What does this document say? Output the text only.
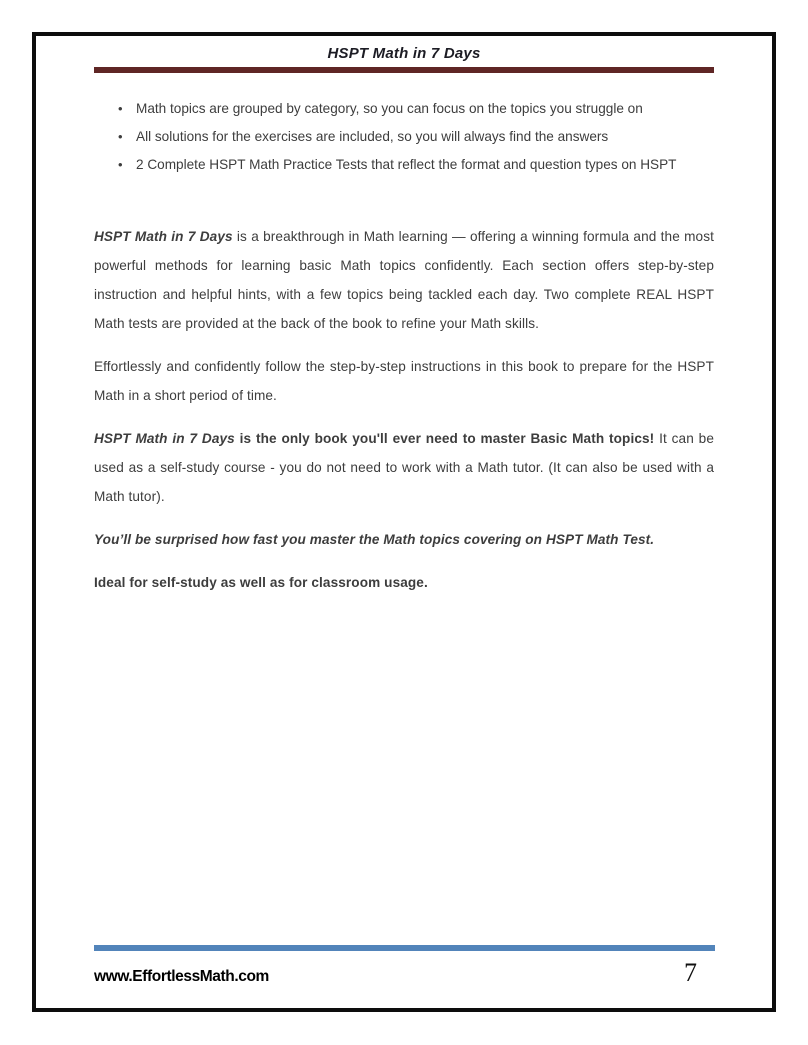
HSPT Math in 7 Days
• Math topics are grouped by category, so you can focus on the topics you struggle on
• All solutions for the exercises are included, so you will always find the answers
• 2 Complete HSPT Math Practice Tests that reflect the format and question types on HSPT

HSPT Math in 7 Days is a breakthrough in Math learning — offering a winning formula and the most powerful methods for learning basic Math topics confidently. Each section offers step-by-step instruction and helpful hints, with a few topics being tackled each day. Two complete REAL HSPT Math tests are provided at the back of the book to refine your Math skills.

Effortlessly and confidently follow the step-by-step instructions in this book to prepare for the HSPT Math in a short period of time.

HSPT Math in 7 Days is the only book you'll ever need to master Basic Math topics! It can be used as a self-study course - you do not need to work with a Math tutor. (It can also be used with a Math tutor).

You’ll be surprised how fast you master the Math topics covering on HSPT Math Test.

Ideal for self-study as well as for classroom usage.

www.EffortlessMath.com	7
